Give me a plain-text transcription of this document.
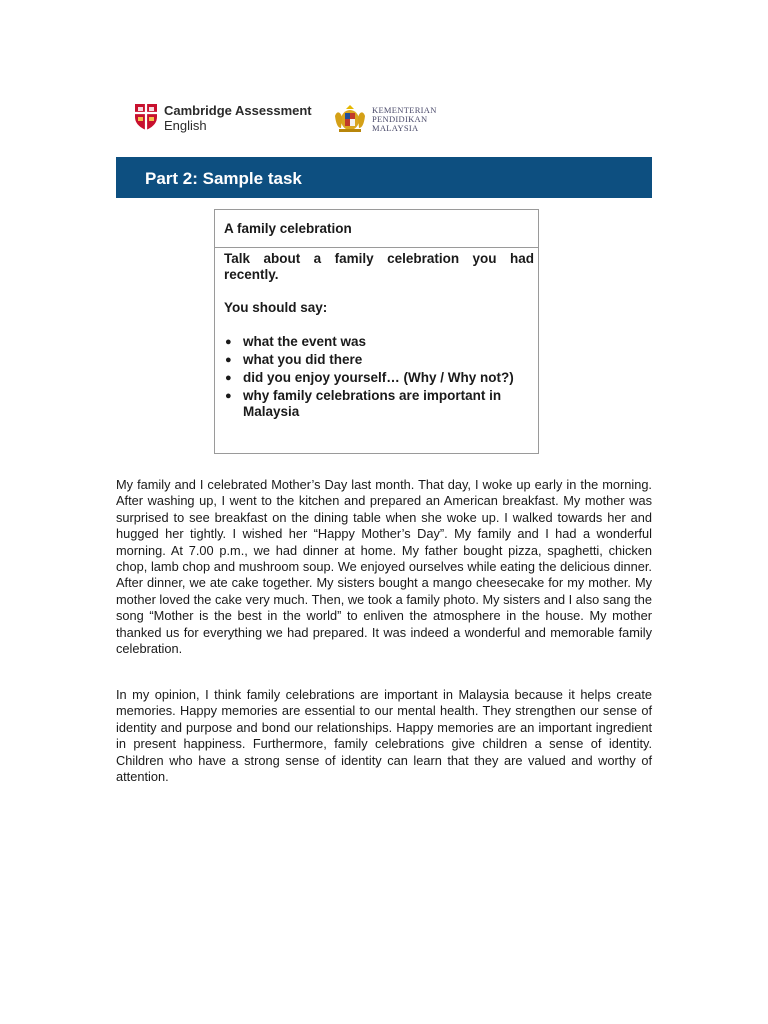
Cambridge Assessment
English
KEMENTERIAN
PENDIDIKAN
MALAYSIA
Part 2: Sample task
A family celebration

Talk about a family celebration you had recently.

You should say:
● what the event was
● what you did there
● did you enjoy yourself… (Why / Why not?)
● why family celebrations are important in Malaysia

My family and I celebrated Mother’s Day last month. That day, I woke up early in the morning. After washing up, I went to the kitchen and prepared an American breakfast. My mother was surprised to see breakfast on the dining table when she woke up. I walked towards her and hugged her tightly. I wished her “Happy Mother’s Day”. My family and I had a wonderful morning. At 7.00 p.m., we had dinner at home. My father bought pizza, spaghetti, chicken chop, lamb chop and mushroom soup. We enjoyed ourselves while eating the delicious dinner. After dinner, we ate cake together. My sisters bought a mango cheesecake for my mother. My mother loved the cake very much. Then, we took a family photo. My sisters and I also sang the song “Mother is the best in the world” to enliven the atmosphere in the house. My mother thanked us for everything we had prepared. It was indeed a wonderful and memorable family celebration.

In my opinion, I think family celebrations are important in Malaysia because it helps create memories. Happy memories are essential to our mental health. They strengthen our sense of identity and purpose and bond our relationships. Happy memories are an important ingredient in present happiness. Furthermore, family celebrations give children a sense of identity. Children who have a strong sense of identity can learn that they are valued and worthy of attention.
